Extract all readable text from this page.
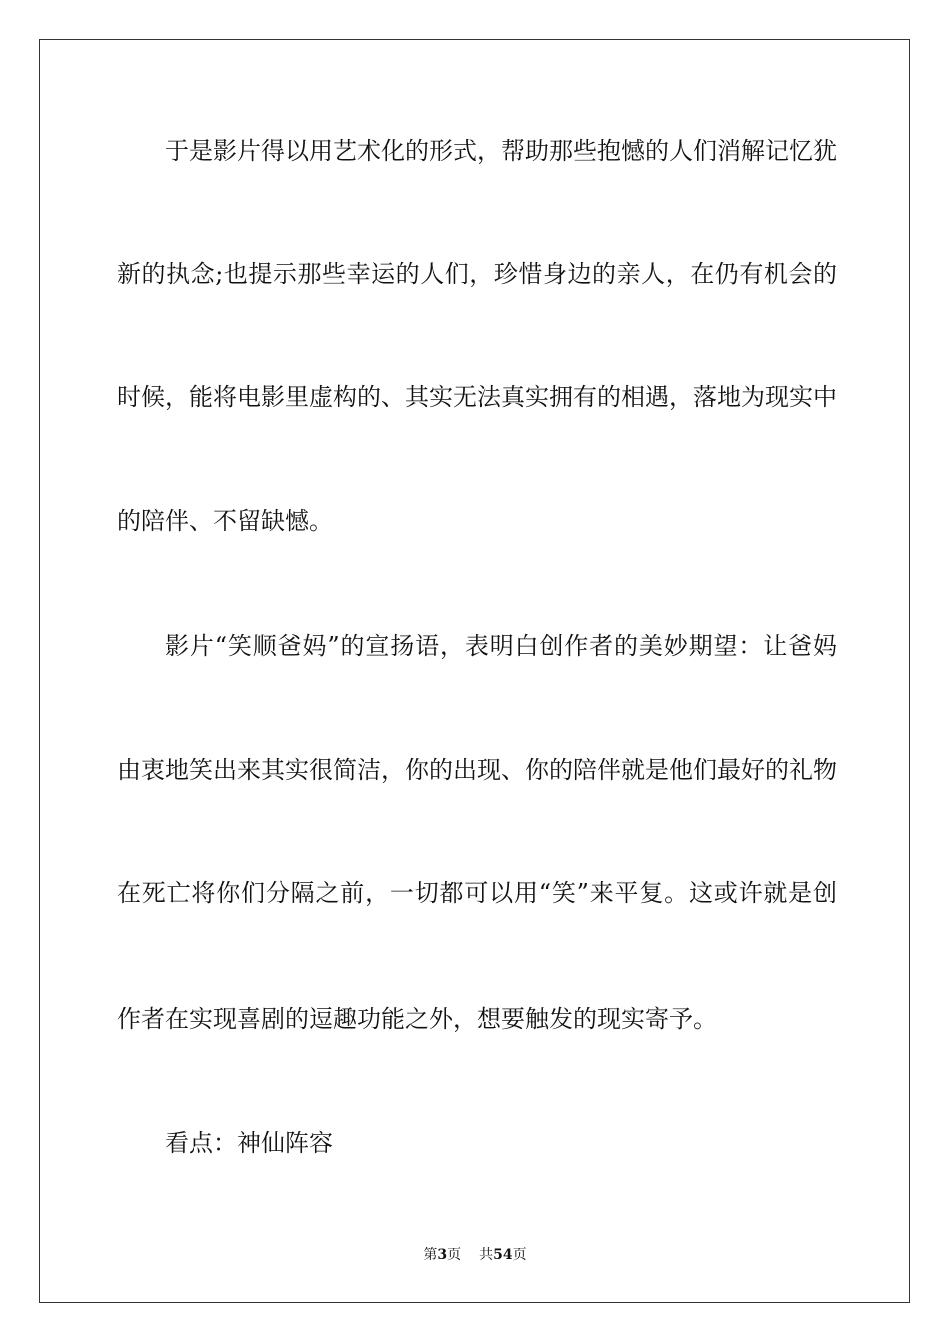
于是影片得以用艺术化的形式，帮助那些抱憾的人们消解记忆犹
新的执念;也提示那些幸运的人们，珍惜身边的亲人，在仍有机会的
时候，能将电影里虚构的、其实无法真实拥有的相遇，落地为现实中
的陪伴、不留缺憾。
影片“笑顺爸妈”的宣扬语，表明白创作者的美妙期望：让爸妈
由衷地笑出来其实很简洁，你的出现、你的陪伴就是他们最好的礼物
在死亡将你们分隔之前，一切都可以用“笑”来平复。这或许就是创
作者在实现喜剧的逗趣功能之外，想要触发的现实寄予。
看点：神仙阵容
第3页 共54页
